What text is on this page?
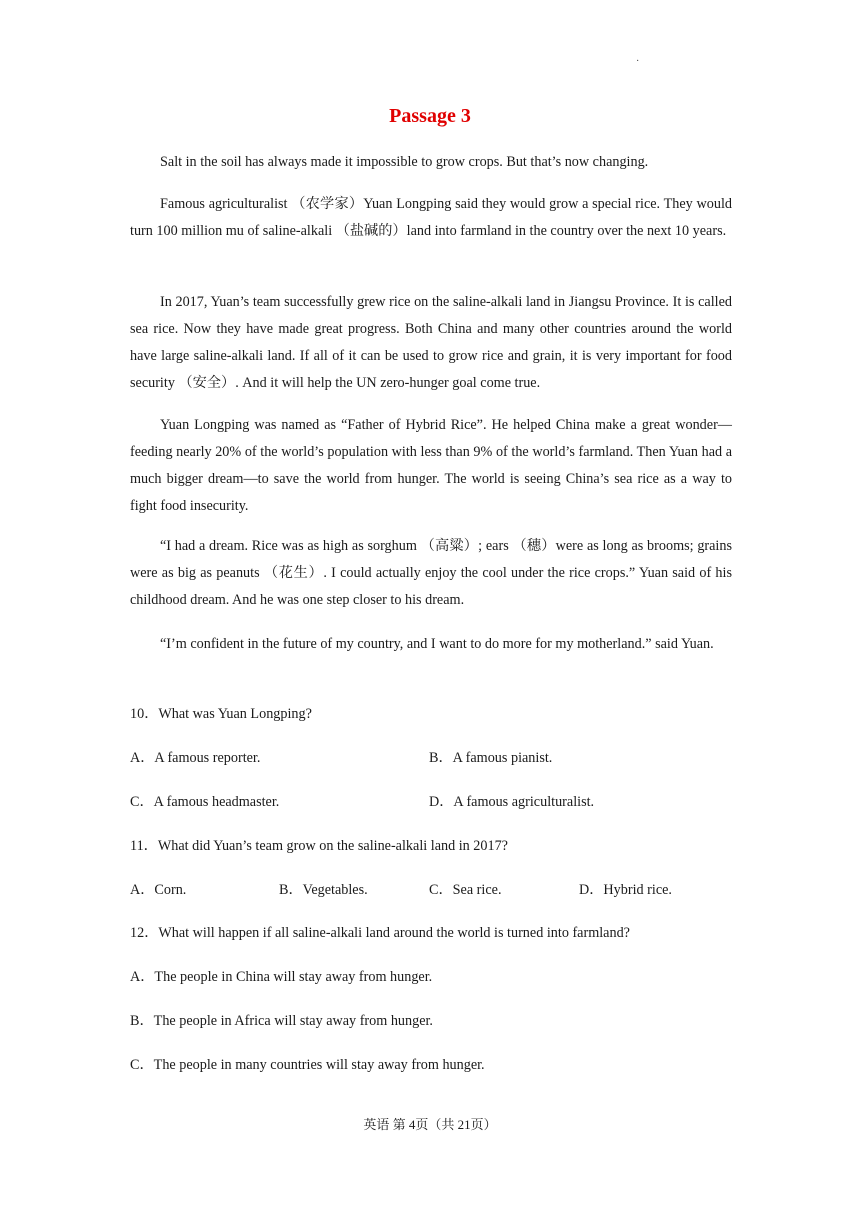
·
Passage 3
Salt in the soil has always made it impossible to grow crops. But that’s now changing.
Famous agriculturalist （农学家）Yuan Longping said they would grow a special rice. They would turn 100 million mu of saline-alkali （盐碱的）land into farmland in the country over the next 10 years.
In 2017, Yuan’s team successfully grew rice on the saline-alkali land in Jiangsu Province. It is called sea rice. Now they have made great progress. Both China and many other countries around the world have large saline-alkali land. If all of it can be used to grow rice and grain, it is very important for food security （安全）. And it will help the UN zero-hunger goal come true.
Yuan Longping was named as “Father of Hybrid Rice”. He helped China make a great wonder—feeding nearly 20% of the world’s population with less than 9% of the world’s farmland. Then Yuan had a much bigger dream—to save the world from hunger. The world is seeing China’s sea rice as a way to fight food insecurity.
“I had a dream. Rice was as high as sorghum （高粱）; ears （穗）were as long as brooms; grains were as big as peanuts （花生）. I could actually enjoy the cool under the rice crops.” Yuan said of his childhood dream. And he was one step closer to his dream.
“I’m confident in the future of my country, and I want to do more for my motherland.” said Yuan.
10．What was Yuan Longping?
A．A famous reporter.	B．A famous pianist.
C．A famous headmaster.	D．A famous agriculturalist.
11．What did Yuan’s team grow on the saline-alkali land in 2017?
A．Corn.	B．Vegetables.	C．Sea rice.	D．Hybrid rice.
12．What will happen if all saline-alkali land around the world is turned into farmland?
A．The people in China will stay away from hunger.
B．The people in Africa will stay away from hunger.
C．The people in many countries will stay away from hunger.
英语 第 4页（共 21页）
